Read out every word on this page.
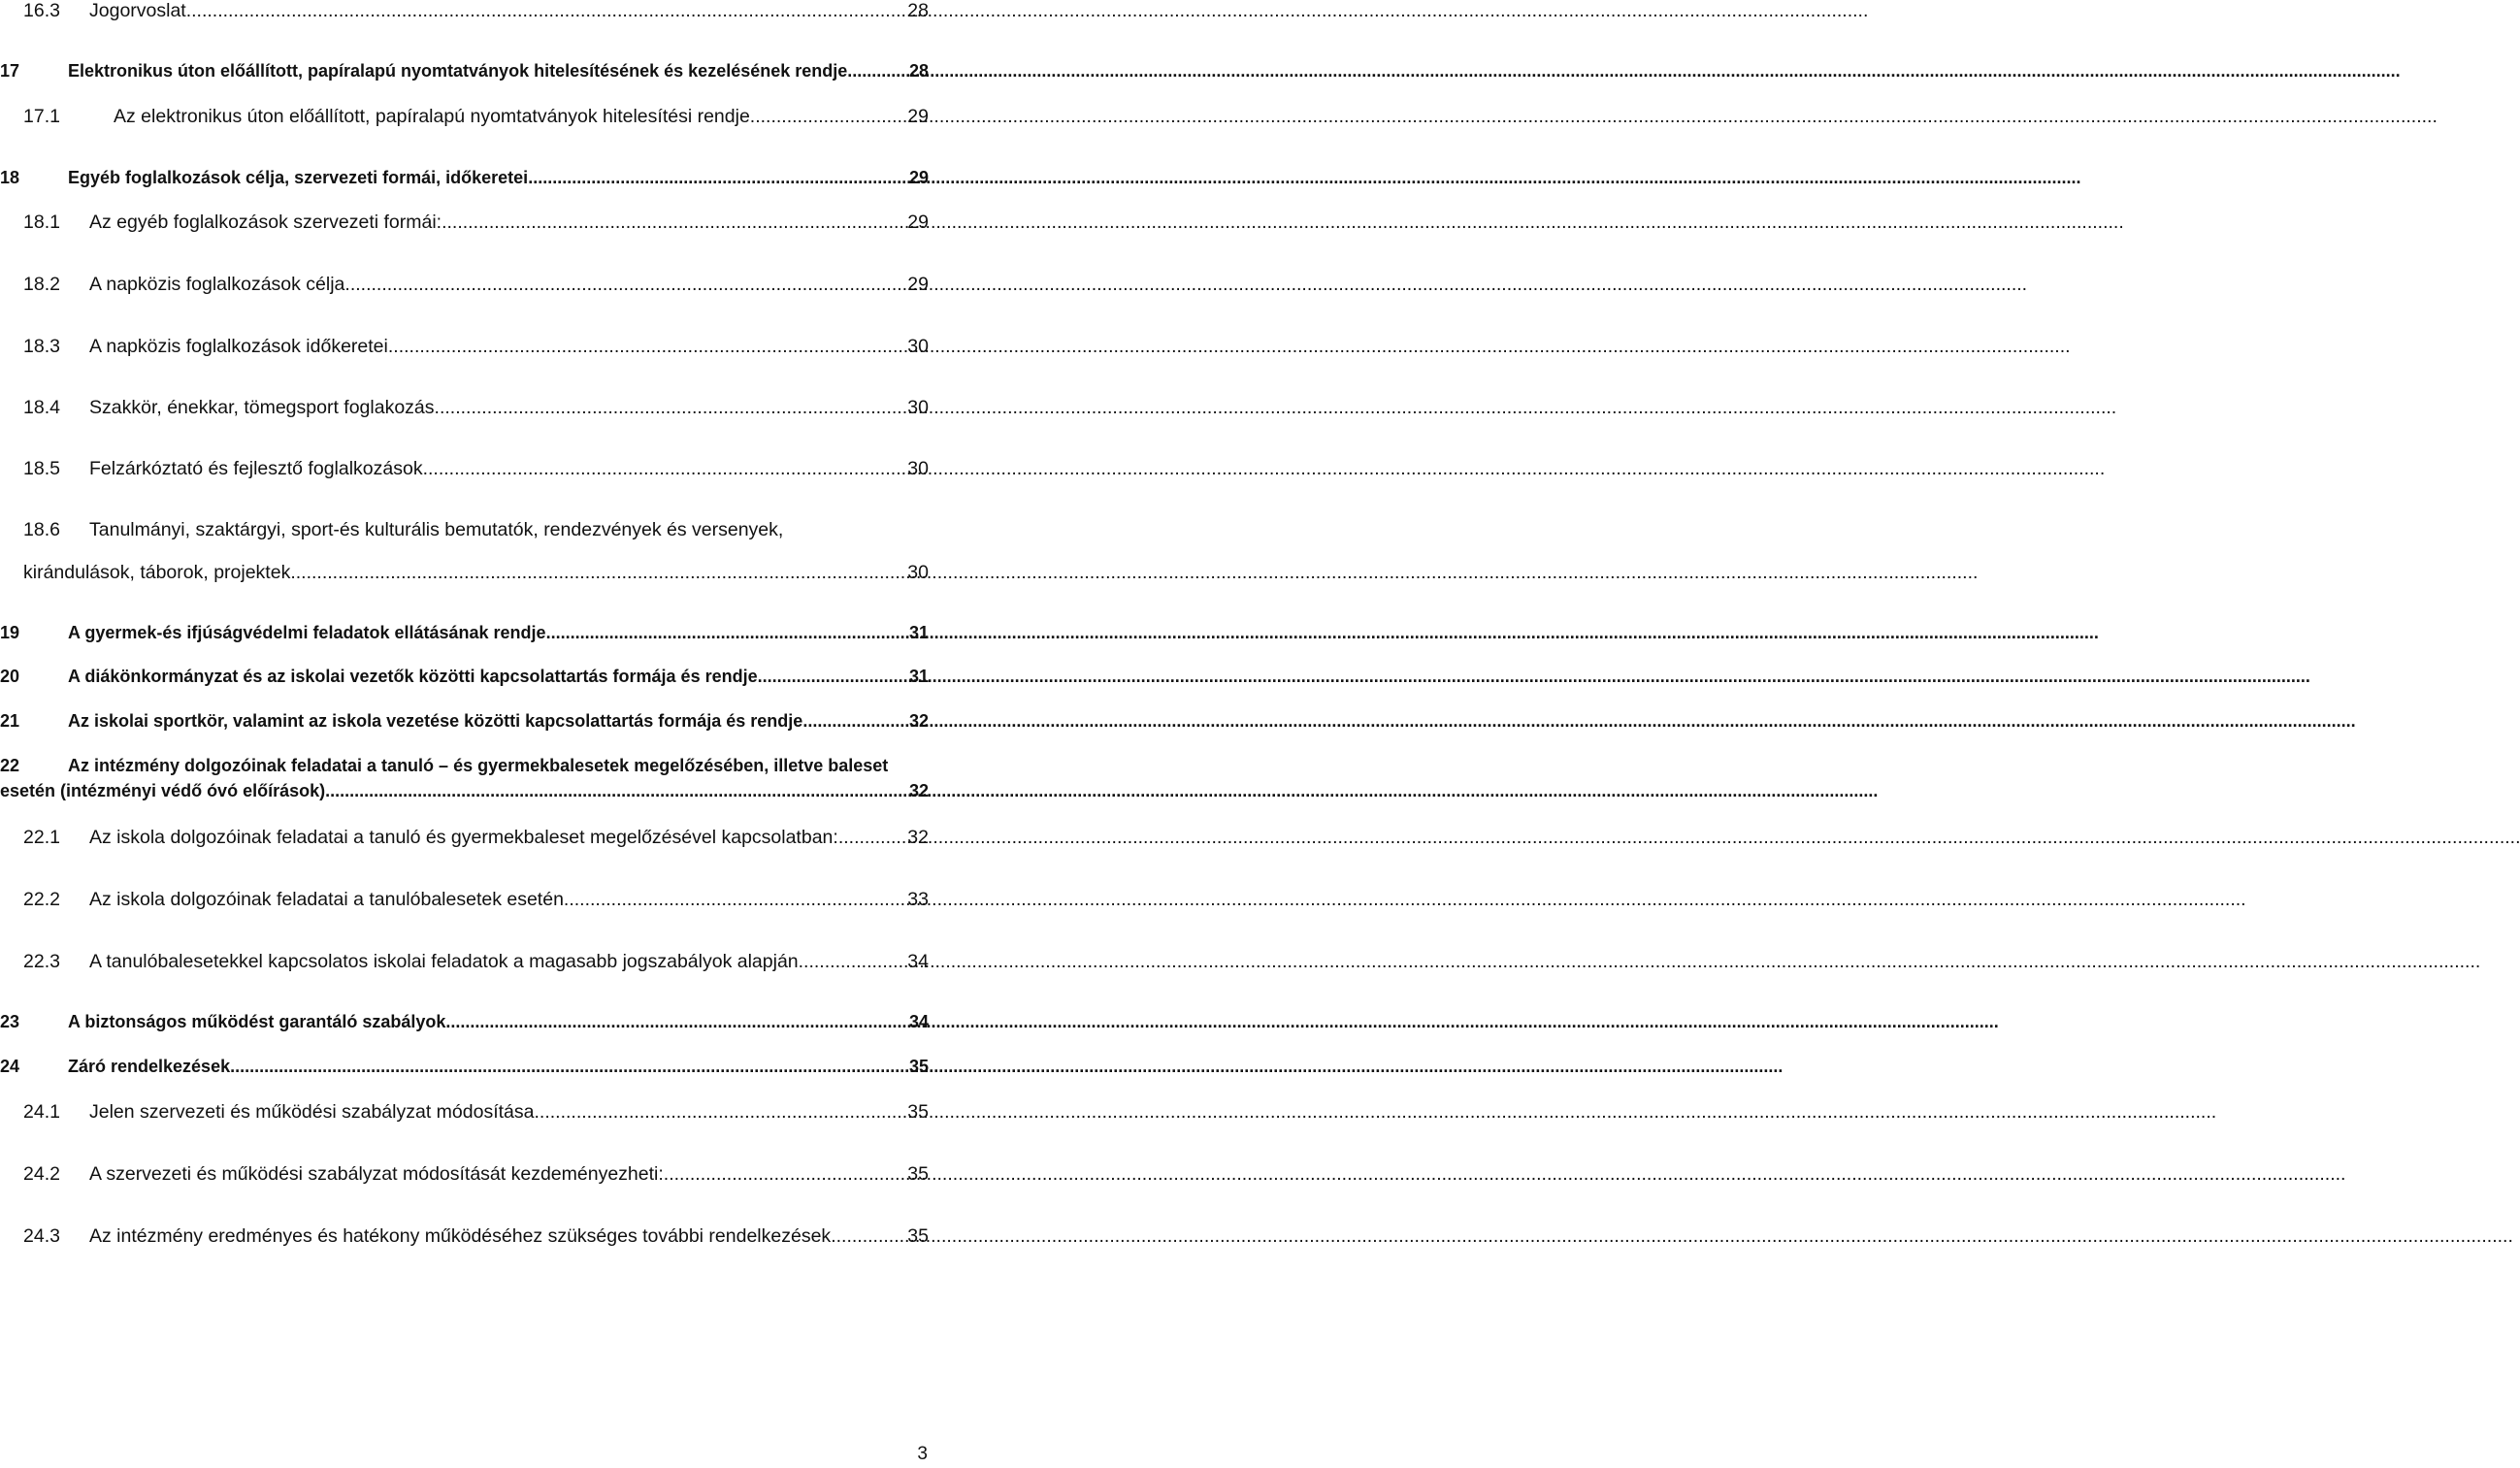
16.3	Jogorvoslat .....	28
17	Elektronikus úton előállított, papíralapú nyomtatványok hitelesítésének és kezelésének rendje .....	28
17.1	Az elektronikus úton előállított, papíralapú nyomtatványok hitelesítési rendje. .....	29
18	Egyéb foglalkozások célja, szervezeti formái, időkeretei .....	29
18.1	Az egyéb foglalkozások szervezeti formái: .....	29
18.2	A napközis foglalkozások célja .....	29
18.3	A napközis foglalkozások időkeretei .....	30
18.4	Szakkör, énekkar, tömegsport foglakozás .....	30
18.5	Felzárkóztató és fejlesztő foglalkozások .....	30
18.6	Tanulmányi, szaktárgyi, sport-és kulturális bemutatók, rendezvények és versenyek,
kirándulások, táborok, projektek. .....	30
19	A gyermek-és ifjúságvédelmi feladatok ellátásának rendje .....	31
20	A diákönkormányzat és az iskolai vezetők közötti kapcsolattartás formája és rendje .....	31
21	Az iskolai sportkör, valamint az iskola vezetése közötti kapcsolattartás formája és rendje .....	32
22	Az intézmény dolgozóinak feladatai a tanuló – és gyermekbalesetek megelőzésében, illetve baleset
esetén (intézményi védő óvó előírások) .....	32
22.1	Az iskola dolgozóinak feladatai a tanuló és gyermekbaleset megelőzésével kapcsolatban: .....	32
22.2	Az iskola dolgozóinak feladatai a tanulóbalesetek esetén .....	33
22.3	A tanulóbalesetekkel kapcsolatos iskolai feladatok a magasabb jogszabályok alapján .....	34
23	A biztonságos működést garantáló szabályok .....	34
24	Záró rendelkezések .....	35
24.1	Jelen szervezeti és működési szabályzat módosítása .....	35
24.2	A szervezeti és működési szabályzat módosítását kezdeményezheti: .....	35
24.3	Az intézmény eredményes és hatékony működéséhez szükséges további rendelkezések .....	35
3
